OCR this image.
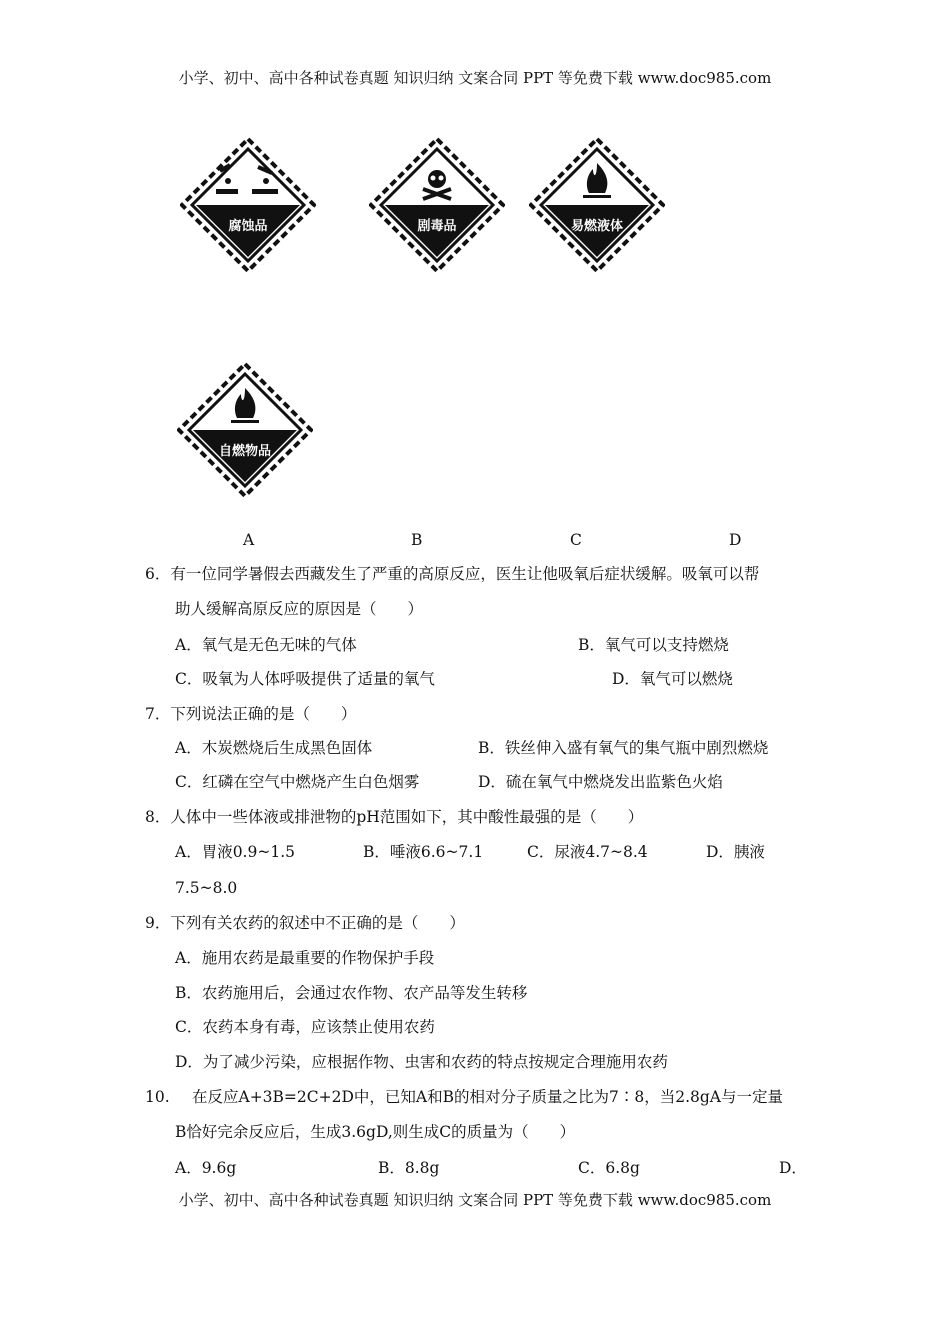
小学、初中、高中各种试卷真题 知识归纳 文案合同 PPT 等免费下载 www.doc985.com
腐蚀品	剧毒品	易燃液体
自燃物品
A	B	C	D
6．有一位同学暑假去西藏发生了严重的高原反应，医生让他吸氧后症状缓解。吸氧可以帮
助人缓解高原反应的原因是（　　）
A．氧气是无色无味的气体	B．氧气可以支持燃烧
C．吸氧为人体呼吸提供了适量的氧气	D．氧气可以燃烧
7．下列说法正确的是（　　）
A．木炭燃烧后生成黑色固体	B．铁丝伸入盛有氧气的集气瓶中剧烈燃烧
C．红磷在空气中燃烧产生白色烟雾	D．硫在氧气中燃烧发出监紫色火焰
8．人体中一些体液或排泄物的pH范围如下，其中酸性最强的是（　　）
A．胃液0.9~1.5	B．唾液6.6~7.1	C．尿液4.7~8.4	D．胰液
7.5~8.0
9．下列有关农药的叙述中不正确的是（　　）
A．施用农药是最重要的作物保护手段
B．农药施用后，会通过农作物、农产品等发生转移
C．农药本身有毒，应该禁止使用农药
D．为了减少污染，应根据作物、虫害和农药的特点按规定合理施用农药
10. 在反应A+3B=2C+2D中，已知A和B的相对分子质量之比为7∶8，当2.8gA与一定量
B恰好完余反应后，生成3.6gD,则生成C的质量为（　　）
A．9.6g	B．8.8g	C．6.8g	D．
小学、初中、高中各种试卷真题 知识归纳 文案合同 PPT 等免费下载 www.doc985.com
